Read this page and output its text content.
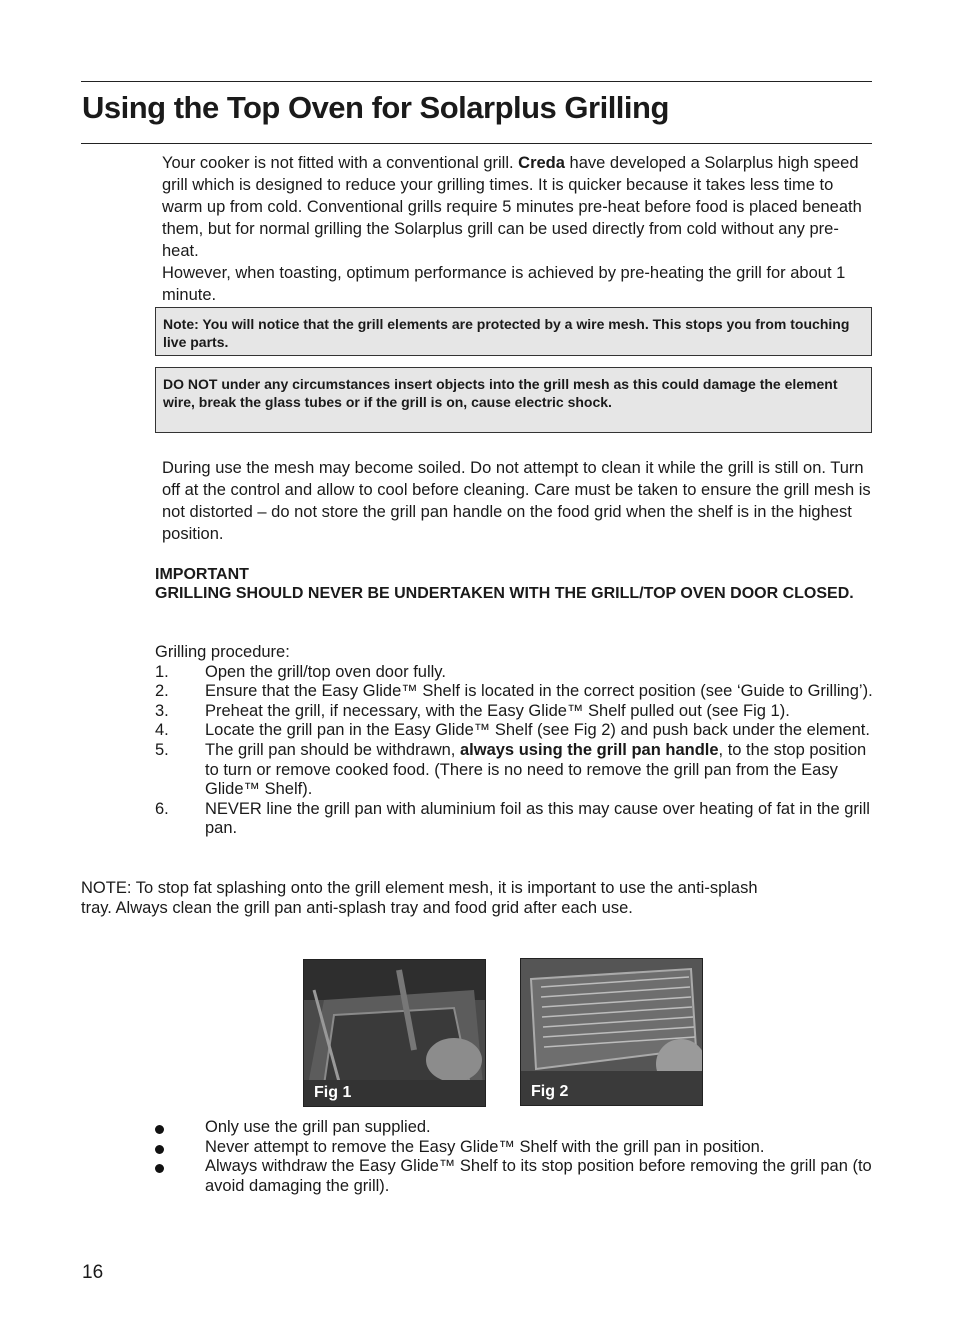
Using the Top Oven for Solarplus Grilling
Your cooker is not fitted with a conventional grill. Creda have developed a Solarplus high speed grill which is designed to reduce your grilling times. It is quicker because it takes less time to warm up from cold. Conventional grills require 5 minutes pre-heat before food is placed beneath them, but for normal grilling the Solarplus grill can be used directly from cold without any pre-heat.
However, when toasting, optimum performance is achieved by pre-heating the grill for about 1 minute.
Note: You will notice that the grill elements are protected by a wire mesh. This stops you from touching live parts.
DO NOT under any circumstances insert objects into the grill mesh as this could damage the element wire, break the glass tubes or if the grill is on, cause electric shock.
During use the mesh may become soiled. Do not attempt to clean it while the grill is still on. Turn off at the control and allow to cool before cleaning. Care must be taken to ensure the grill mesh is not distorted – do not store the grill pan handle on the food grid when the shelf is in the highest position.
IMPORTANT
GRILLING SHOULD NEVER BE UNDERTAKEN WITH THE GRILL/TOP OVEN DOOR CLOSED.
Grilling procedure:
1.	Open the grill/top oven door fully.
2.	Ensure that the Easy Glide™ Shelf is located in the correct position (see ‘Guide to Grilling’).
3.	Preheat the grill, if necessary, with the Easy Glide™ Shelf pulled out (see Fig 1).
4.	Locate the grill pan in the Easy Glide™ Shelf (see Fig 2) and push back under the element.
5.	The grill pan should be withdrawn, always using the grill pan handle, to the stop position to turn or remove cooked food. (There is no need to remove the grill pan from the Easy Glide™ Shelf).
6.	NEVER line the grill pan with aluminium foil as this may cause over heating of fat in the grill pan.
NOTE: To stop fat splashing onto the grill element mesh, it is important to use the anti-splash tray. Always clean the grill pan anti-splash tray and food grid after each use.
Fig 1	Fig 2
Only use the grill pan supplied.
Never attempt to remove the Easy Glide™ Shelf with the grill pan in position.
Always withdraw the Easy Glide™ Shelf to its stop position before removing the grill pan (to avoid damaging the grill).
16
